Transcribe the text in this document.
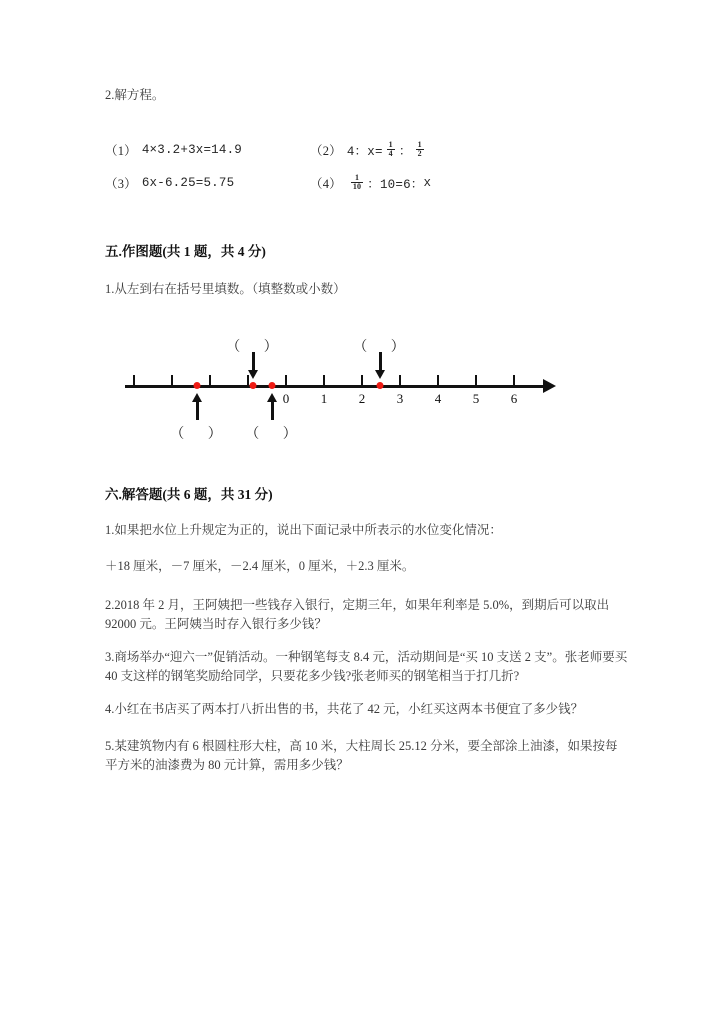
2.解方程。
（1） 4×3.2+3x=14.9	（2） 4：$x= \frac{1}{4}$ ： $\frac{1}{2}$
（3） 6x-6.25=5.75	$(4) \frac{1}{10}$ ：10=6： x
五.作图题(共 1 题，共 4 分)
1.从左到右在括号里填数。（填整数或小数）
0 1 2 3 4 5 6
（ ）	（ ）
（ ） （ ）
六.解答题(共 6 题，共 31 分)
1.如果把水位上升规定为正的，说出下面记录中所表示的水位变化情况：
＋18 厘米，－7 厘米，－2.4 厘米，0 厘米，＋2.3 厘米。
2.2018 年 2 月，王阿姨把一些钱存入银行，定期三年，如果年利率是 5.0%，到期后可以取出 92000 元。王阿姨当时存入银行多少钱？
3.商场举办“迎六一”促销活动。一种钢笔每支 8.4 元，活动期间是“买 10 支送 2 支”。张老师要买 40 支这样的钢笔奖励给同学，只要花多少钱?张老师买的钢笔相当于打几折?
4.小红在书店买了两本打八折出售的书，共花了 42 元，小红买这两本书便宜了多少钱？
5.某建筑物内有 6 根圆柱形大柱，高 10 米，大柱周长 25.12 分米，要全部涂上油漆，如果按每平方米的油漆费为 80 元计算，需用多少钱？
